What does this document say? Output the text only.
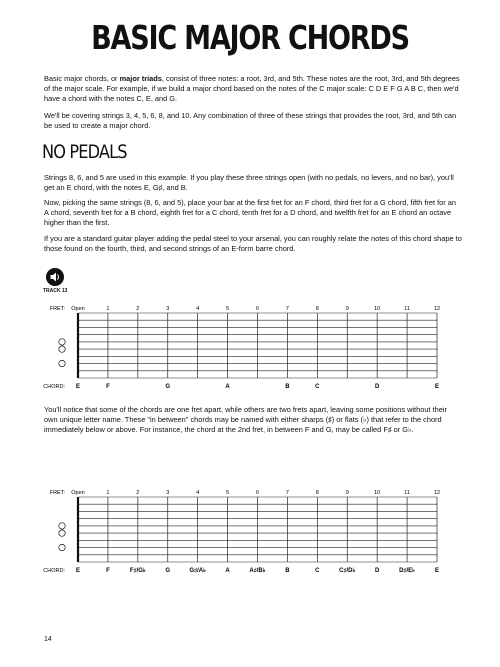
BASIC MAJOR CHORDS

Basic major chords, or major triads, consist of three notes: a root, 3rd, and 5th. These notes are the root, 3rd, and 5th degrees of the major scale. For example, if we build a major chord based on the notes of the C major scale: C D E F G A B C, then we'd have a chord with the notes C, E, and G.

We'll be covering strings 3, 4, 5, 6, 8, and 10. Any combination of three of these strings that provides the root, 3rd, and 5th can be used to create a major chord.

NO PEDALS

Strings 8, 6, and 5 are used in this example. If you play these three strings open (with no pedals, no levers, and no bar), you'll get an E chord, with the notes E, G♯, and B.

Now, picking the same strings (8, 6, and 5), place your bar at the first fret for an F chord, third fret for a G chord, fifth fret for an A chord, seventh fret for a B chord, eighth fret for a C chord, tenth fret for a D chord, and twelfth fret for an E chord an octave higher than the first.

If you are a standard guitar player adding the pedal steel to your arsenal, you can roughly relate the notes of this chord shape to those found on the fourth, third, and second strings of an E-form barre chord.

TRACK 13
FRET: Open	1	2	3	4	5	6	7	8	9	10	11	12
CHORD: E	F	G	A	B	C	D	E

You'll notice that some of the chords are one fret apart, while others are two frets apart, leaving some positions without their own unique letter name. These "in between" chords may be named with either sharps (♯) or flats (♭) that refer to the chord immediately below or above. For instance, the chord at the 2nd fret, in between F and G, may be called F♯ or G♭.

FRET: Open	1	2	3	4	5	6	7	8	9	10	11	12
CHORD: E	F	F♯/G♭	G	G♯/A♭	A	A♯/B♭	B	C	C♯/D♭	D	D♯/E♭	E
14
